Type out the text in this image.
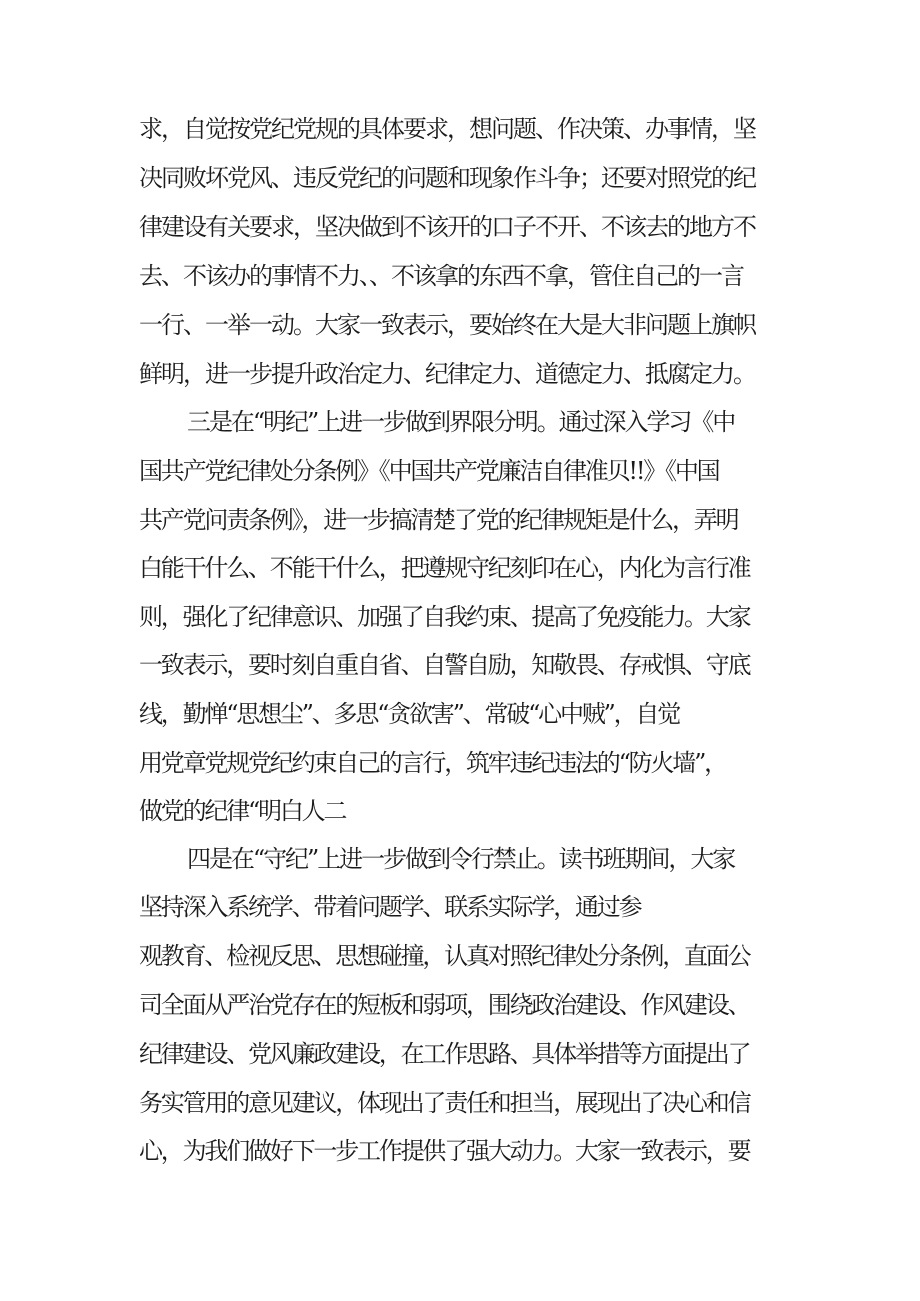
求，自觉按党纪党规的具体要求，想问题、作决策、办事情，坚
决同败坏党风、违反党纪的问题和现象作斗争；还要对照党的纪
律建设有关要求，坚决做到不该开的口子不开、不该去的地方不
去、不该办的事情不力、、不该拿的东西不拿，管住自己的一言
一行、一举一动。大家一致表示，要始终在大是大非问题上旗帜
鲜明，进一步提升政治定力、纪律定力、道德定力、抵腐定力。
三是在“明纪”上进一步做到界限分明。通过深入学习《中
国共产党纪律处分条例》《中国共产党廉洁自律准贝!!》《中国
共产党问责条例》，进一步搞清楚了党的纪律规矩是什么，弄明
白能干什么、不能干什么，把遵规守纪刻印在心，内化为言行准
则，强化了纪律意识、加强了自我约束、提高了免疫能力。大家
一致表示，要时刻自重自省、自警自励，知敬畏、存戒惧、守底
线，勤惮“思想尘”、多思“贪欲害”、常破“心中贼”，自觉
用党章党规党纪约束自己的言行，筑牢违纪违法的“防火墙”，
做党的纪律“明白人二
四是在“守纪”上进一步做到令行禁止。读书班期间，大家
坚持深入系统学、带着问题学、联系实际学，通过参
观教育、检视反思、思想碰撞，认真对照纪律处分条例，直面公
司全面从严治党存在的短板和弱项，围绕政治建设、作风建设、
纪律建设、党风廉政建设，在工作思路、具体举措等方面提出了
务实管用的意见建议，体现出了责任和担当，展现出了决心和信
心，为我们做好下一步工作提供了强大动力。大家一致表示，要
